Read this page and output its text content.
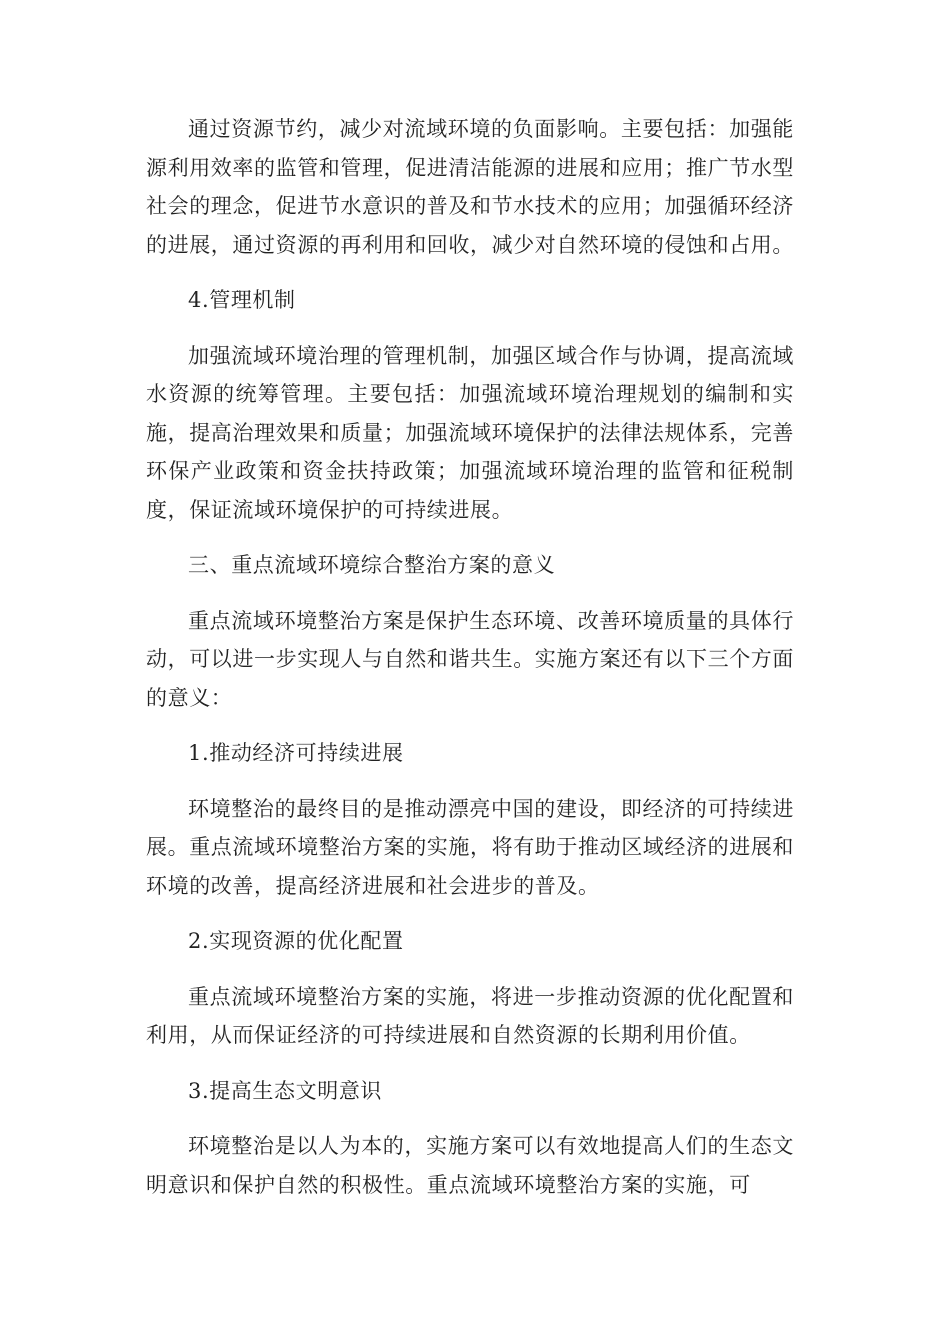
通过资源节约，减少对流域环境的负面影响。主要包括：加强能源利用效率的监管和管理，促进清洁能源的进展和应用；推广节水型社会的理念，促进节水意识的普及和节水技术的应用；加强循环经济的进展，通过资源的再利用和回收，减少对自然环境的侵蚀和占用。

4.管理机制

加强流域环境治理的管理机制，加强区域合作与协调，提高流域水资源的统筹管理。主要包括：加强流域环境治理规划的编制和实施，提高治理效果和质量；加强流域环境保护的法律法规体系，完善环保产业政策和资金扶持政策；加强流域环境治理的监管和征税制度，保证流域环境保护的可持续进展。

三、重点流域环境综合整治方案的意义

重点流域环境整治方案是保护生态环境、改善环境质量的具体行动，可以进一步实现人与自然和谐共生。实施方案还有以下三个方面的意义：

1.推动经济可持续进展

环境整治的最终目的是推动漂亮中国的建设，即经济的可持续进展。重点流域环境整治方案的实施，将有助于推动区域经济的进展和环境的改善，提高经济进展和社会进步的普及。

2.实现资源的优化配置

重点流域环境整治方案的实施，将进一步推动资源的优化配置和利用，从而保证经济的可持续进展和自然资源的长期利用价值。

3.提高生态文明意识

环境整治是以人为本的，实施方案可以有效地提高人们的生态文明意识和保护自然的积极性。重点流域环境整治方案的实施，可
